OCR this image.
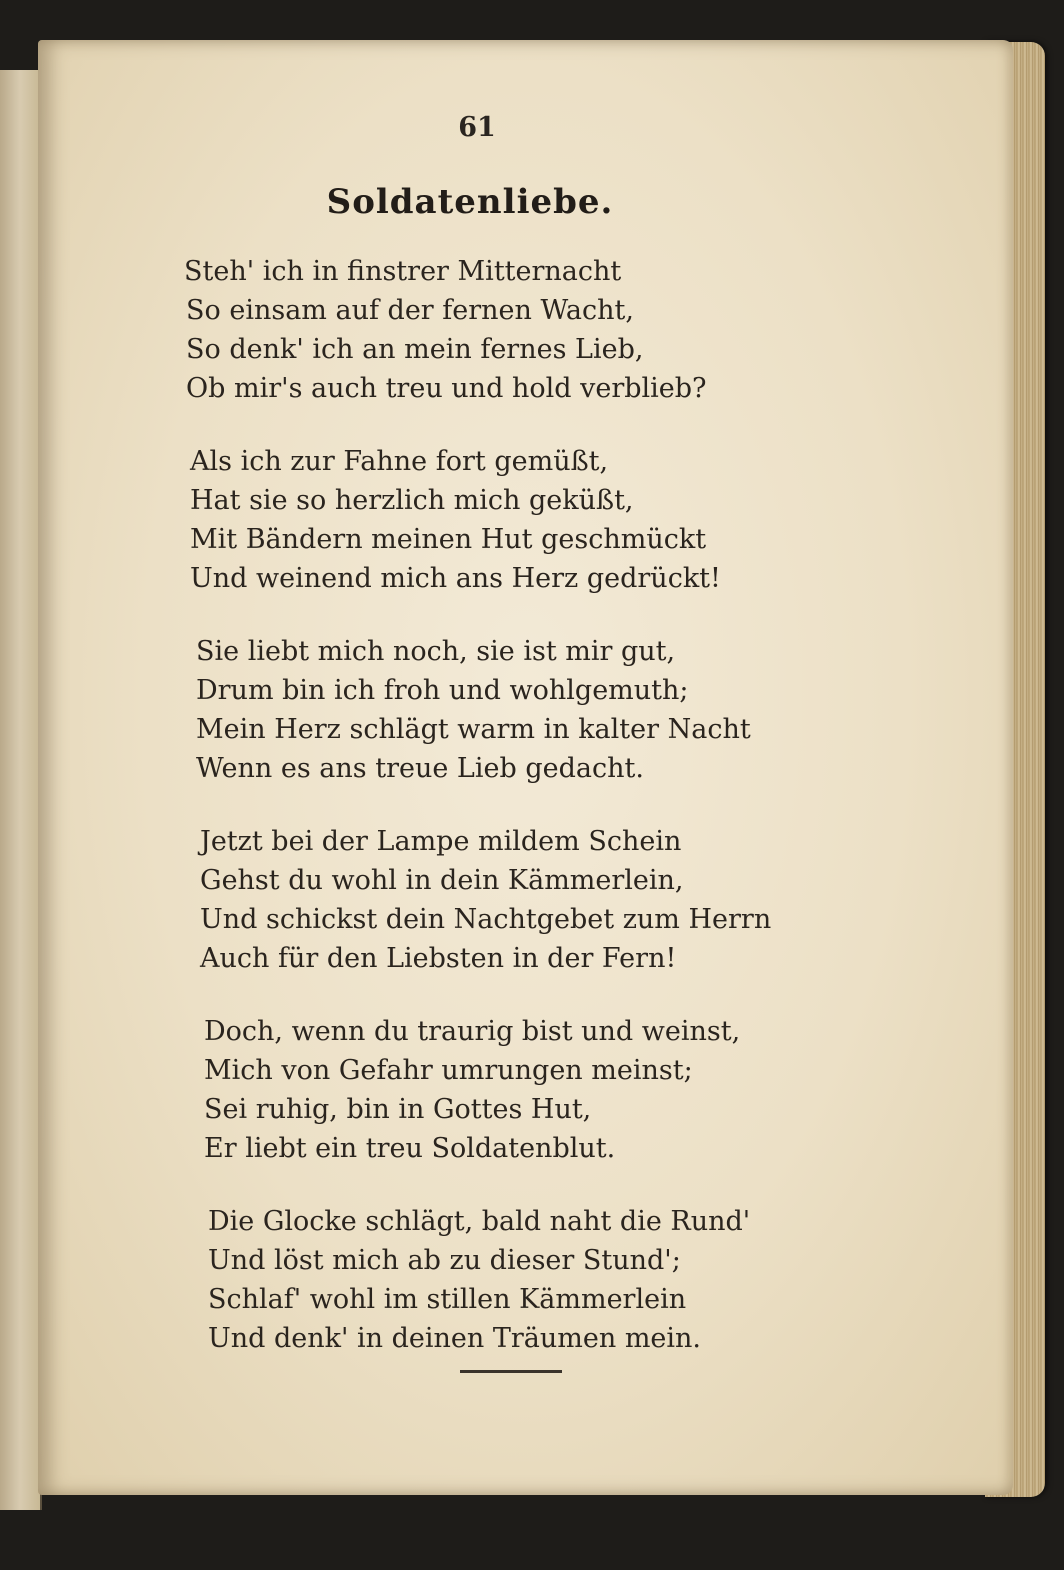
61

Soldatenliebe.

Steh' ich in finstrer Mitternacht

So einsam auf der fernen Wacht,

So denk' ich an mein fernes Lieb,

Ob mir's auch treu und hold verblieb?

Als ich zur Fahne fort gemüßt,

Hat sie so herzlich mich geküßt,

Mit Bändern meinen Hut geschmückt

Und weinend mich ans Herz gedrückt!

Sie liebt mich noch, sie ist mir gut,

Drum bin ich froh und wohlgemuth;

Mein Herz schlägt warm in kalter Nacht

Wenn es ans treue Lieb gedacht.

Jetzt bei der Lampe mildem Schein

Gehst du wohl in dein Kämmerlein,

Und schickst dein Nachtgebet zum Herrn

Auch für den Liebsten in der Fern!

Doch, wenn du traurig bist und weinst,

Mich von Gefahr umrungen meinst;

Sei ruhig, bin in Gottes Hut,

Er liebt ein treu Soldatenblut.

Die Glocke schlägt, bald naht die Rund'

Und löst mich ab zu dieser Stund';

Schlaf' wohl im stillen Kämmerlein

Und denk' in deinen Träumen mein.
